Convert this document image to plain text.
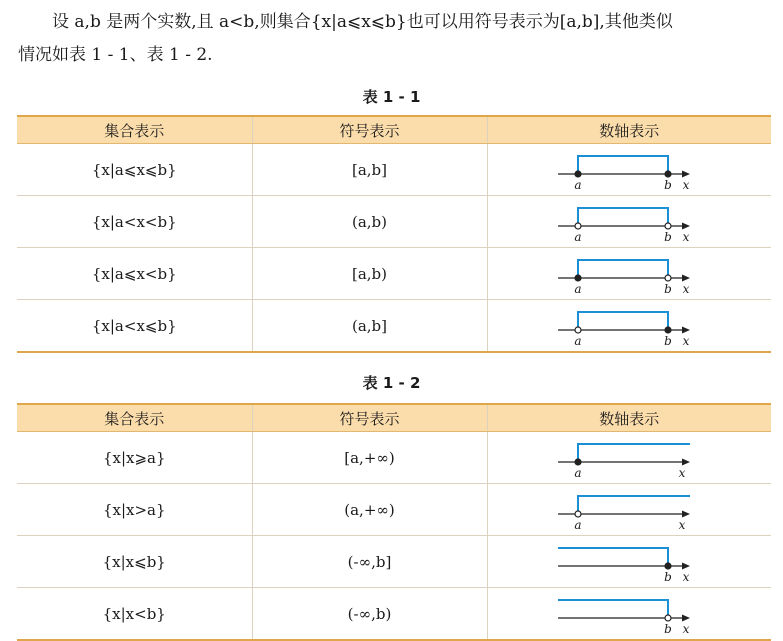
设 a,b 是两个实数,且 a<b,则集合{x|a⩽x⩽b}也可以用符号表示为[a,b],其他类似
情况如表 1 - 1、表 1 - 2.

表 1 - 1
集合表示	符号表示	数轴表示
{x|a⩽x⩽b}	[a,b]	a b x

{x|a<x<b}	(a,b)	a b x

{x|a⩽x<b}	[a,b)	a b x

{x|a<x⩽b}	(a,b]	a b x
表 1 - 2
集合表示	符号表示	数轴表示
{x|x⩾a}	[a,+∞)	a x

{x|x>a}	(a,+∞)	a x

{x|x⩽b}	(-∞,b]	b x

{x|x<b}	(-∞,b)	b x
